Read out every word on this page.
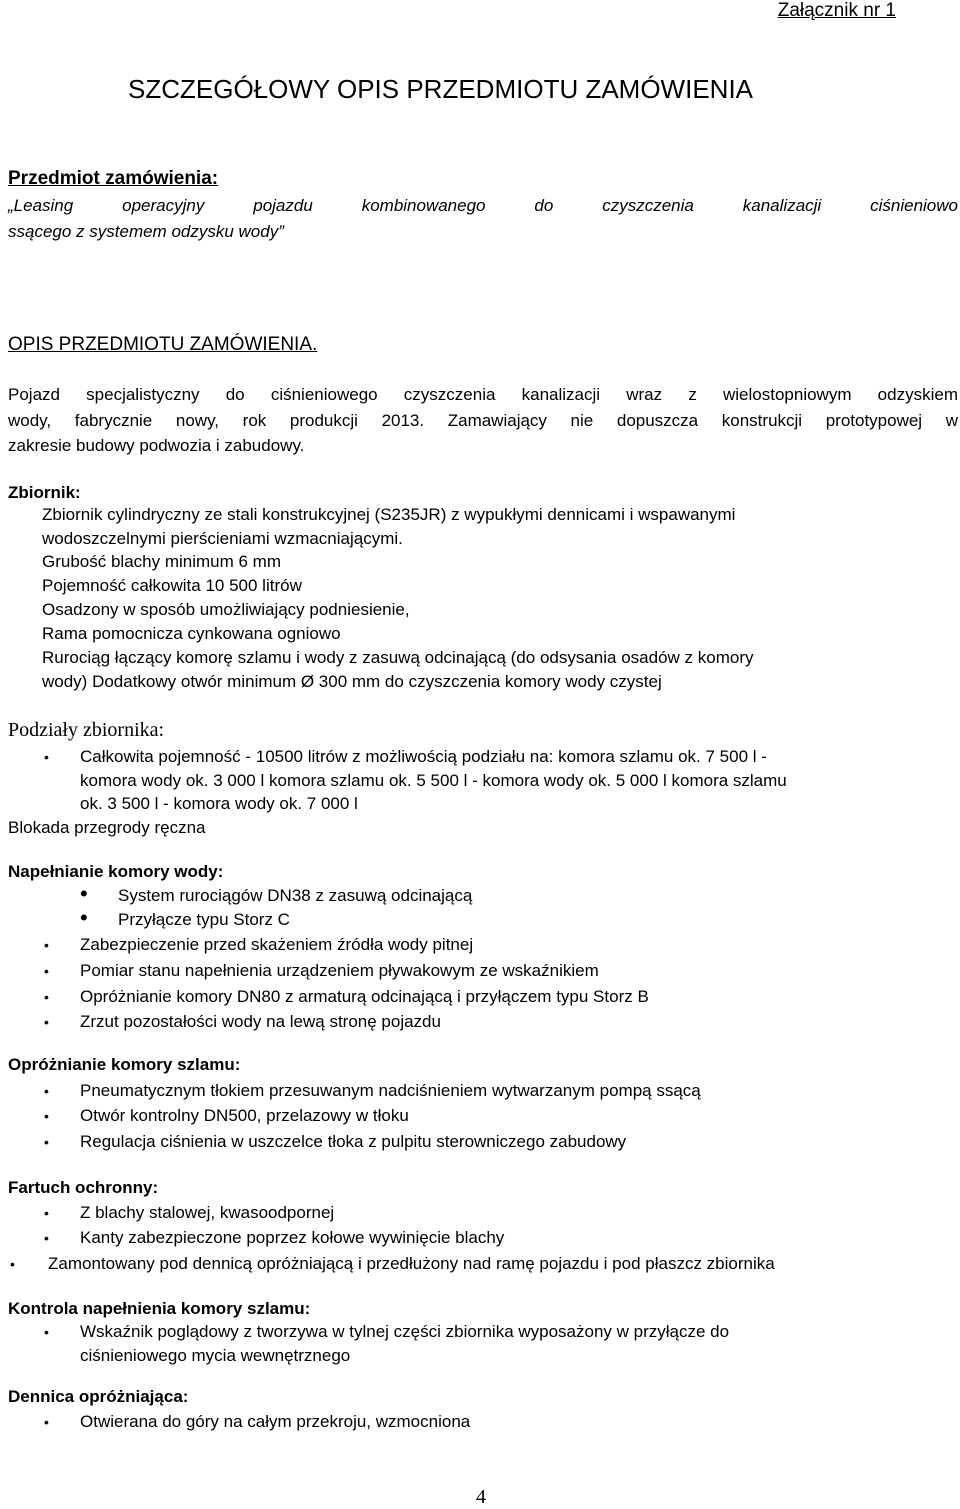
Załącznik nr 1
SZCZEGÓŁOWY OPIS PRZEDMIOTU ZAMÓWIENIA
Przedmiot zamówienia:
„Leasing operacyjny pojazdu kombinowanego do czyszczenia kanalizacji ciśnieniowo
ssącego z systemem odzysku wody”
OPIS PRZEDMIOTU ZAMÓWIENIA.
Pojazd specjalistyczny do ciśnieniowego czyszczenia kanalizacji wraz z wielostopniowym odzyskiem
wody, fabrycznie nowy, rok produkcji 2013. Zamawiający nie dopuszcza konstrukcji prototypowej w
zakresie budowy podwozia i zabudowy.
Zbiornik:
Zbiornik cylindryczny ze stali konstrukcyjnej (S235JR) z wypukłymi dennicami i wspawanymi
wodoszczelnymi pierścieniami wzmacniającymi.
Grubość blachy minimum 6 mm
Pojemność całkowita 10 500 litrów
Osadzony w sposób umożliwiający podniesienie,
Rama pomocnicza cynkowana ogniowo
Rurociąg łączący komorę szlamu i wody z zasuwą odcinającą (do odsysania osadów z komory
wody) Dodatkowy otwór minimum Ø 300 mm do czyszczenia komory wody czystej
Podziały zbiornika:
• Całkowita pojemność - 10500 litrów z możliwością podziału na: komora szlamu ok. 7 500 l -
komora wody ok. 3 000 l komora szlamu ok. 5 500 l - komora wody ok. 5 000 l komora szlamu
ok. 3 500 l - komora wody ok. 7 000 l
Blokada przegrody ręczna
Napełnianie komory wody:
• System rurociągów DN38 z zasuwą odcinającą
• Przyłącze typu Storz C
• Zabezpieczenie przed skażeniem źródła wody pitnej
• Pomiar stanu napełnienia urządzeniem pływakowym ze wskaźnikiem
• Opróżnianie komory DN80 z armaturą odcinającą i przyłączem typu Storz B
• Zrzut pozostałości wody na lewą stronę pojazdu
Opróżnianie komory szlamu:
• Pneumatycznym tłokiem przesuwanym nadciśnieniem wytwarzanym pompą ssącą
• Otwór kontrolny DN500, przelazowy w tłoku
• Regulacja ciśnienia w uszczelce tłoka z pulpitu sterowniczego zabudowy
Fartuch ochronny:
• Z blachy stalowej, kwasoodpornej
• Kanty zabezpieczone poprzez kołowe wywinięcie blachy
• Zamontowany pod dennicą opróżniającą i przedłużony nad ramę pojazdu i pod płaszcz zbiornika
Kontrola napełnienia komory szlamu:
• Wskaźnik poglądowy z tworzywa w tylnej części zbiornika wyposażony w przyłącze do
ciśnieniowego mycia wewnętrznego
Dennica opróżniająca:
• Otwierana do góry na całym przekroju, wzmocniona
4
